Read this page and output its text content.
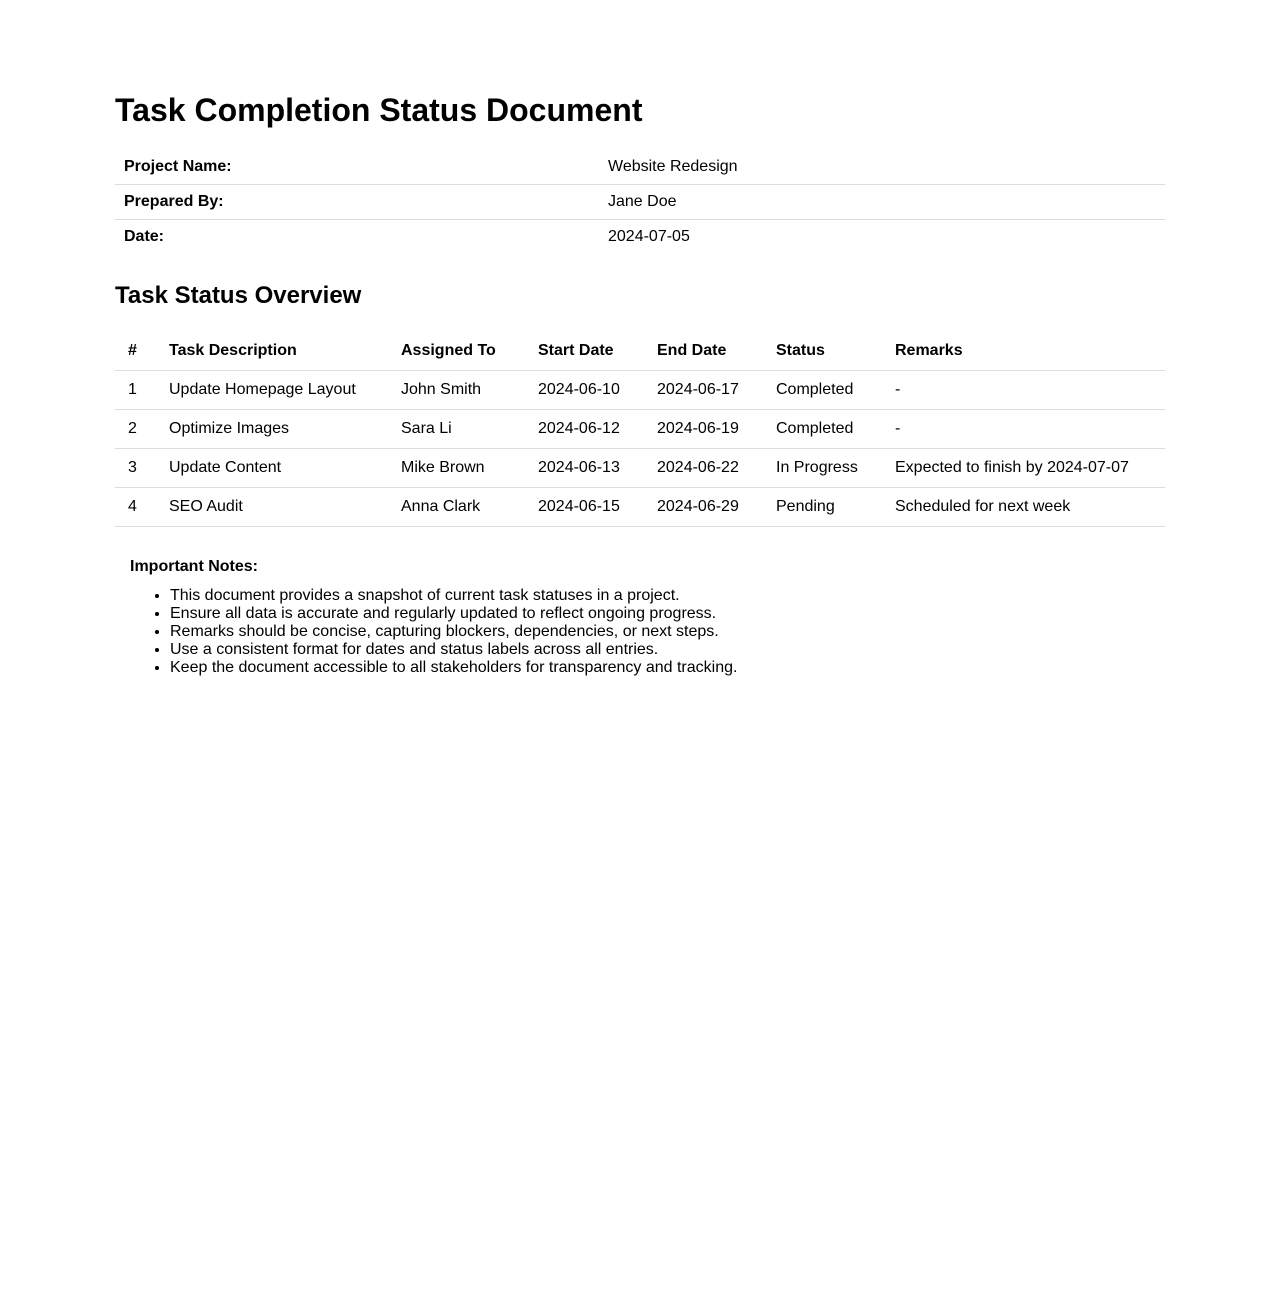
Task Completion Status Document
Project Name:	Website Redesign
Prepared By:	Jane Doe
Date:	2024-07-05
Task Status Overview
#	Task Description	Assigned To	Start Date	End Date	Status	Remarks
1	Update Homepage Layout	John Smith	2024-06-10	2024-06-17	Completed	-
2	Optimize Images	Sara Li	2024-06-12	2024-06-19	Completed	-
3	Update Content	Mike Brown	2024-06-13	2024-06-22	In Progress	Expected to finish by 2024-07-07
4	SEO Audit	Anna Clark	2024-06-15	2024-06-29	Pending	Scheduled for next week
Important Notes:
• This document provides a snapshot of current task statuses in a project.
• Ensure all data is accurate and regularly updated to reflect ongoing progress.
• Remarks should be concise, capturing blockers, dependencies, or next steps.
• Use a consistent format for dates and status labels across all entries.
• Keep the document accessible to all stakeholders for transparency and tracking.
